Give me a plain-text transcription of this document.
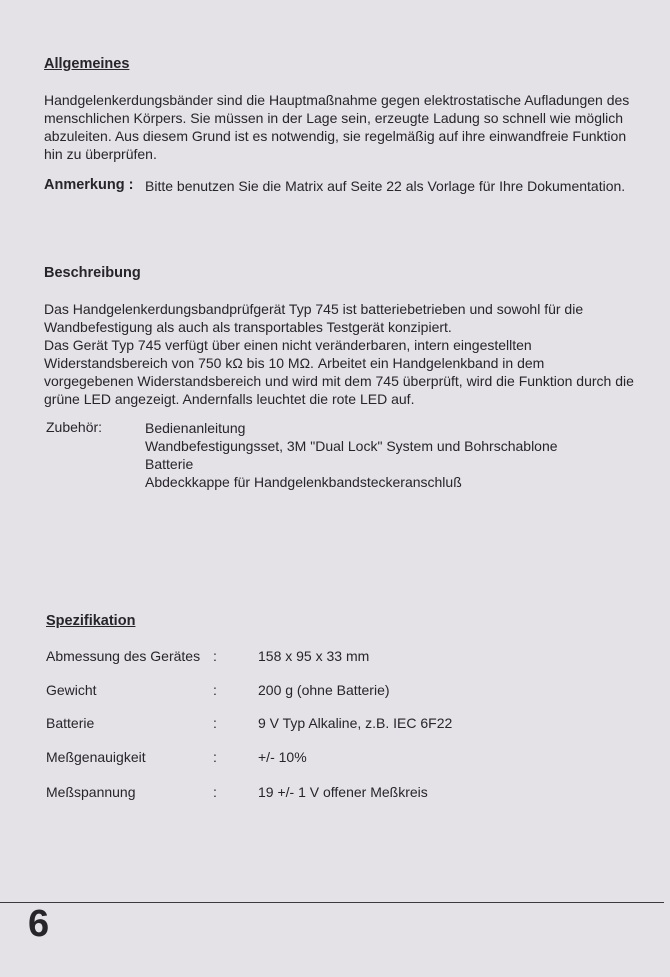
Allgemeines
Handgelenkerdungsbänder sind die Hauptmaßnahme gegen elektrostatische Aufladungen des
menschlichen Körpers. Sie müssen in der Lage sein, erzeugte Ladung so schnell wie möglich
abzuleiten. Aus diesem Grund ist es notwendig, sie regelmäßig auf ihre einwandfreie Funktion
hin zu überprüfen.
Anmerkung : Bitte benutzen Sie die Matrix auf Seite 22 als Vorlage für Ihre Dokumentation.
Beschreibung
Das Handgelenkerdungsbandprüfgerät Typ 745 ist batteriebetrieben und sowohl für die
Wandbefestigung als auch als transportables Testgerät konzipiert.
Das Gerät Typ 745 verfügt über einen nicht veränderbaren, intern eingestellten
Widerstandsbereich von 750 kΩ bis 10 MΩ. Arbeitet ein Handgelenkband in dem
vorgegebenen Widerstandsbereich und wird mit dem 745 überprüft, wird die Funktion durch die
grüne LED angezeigt. Andernfalls leuchtet die rote LED auf.
Zubehör:	Bedienanleitung
Wandbefestigungsset, 3M "Dual Lock" System und Bohrschablone
Batterie
Abdeckkappe für Handgelenkbandsteckeranschluß
Spezifikation
Abmessung des Gerätes :	158 x 95 x 33 mm
Gewicht	:	200 g (ohne Batterie)
Batterie	:	9 V Typ Alkaline, z.B. IEC 6F22
Meßgenauigkeit	:	+/- 10%
Meßspannung	:	19 +/- 1 V offener Meßkreis
6
